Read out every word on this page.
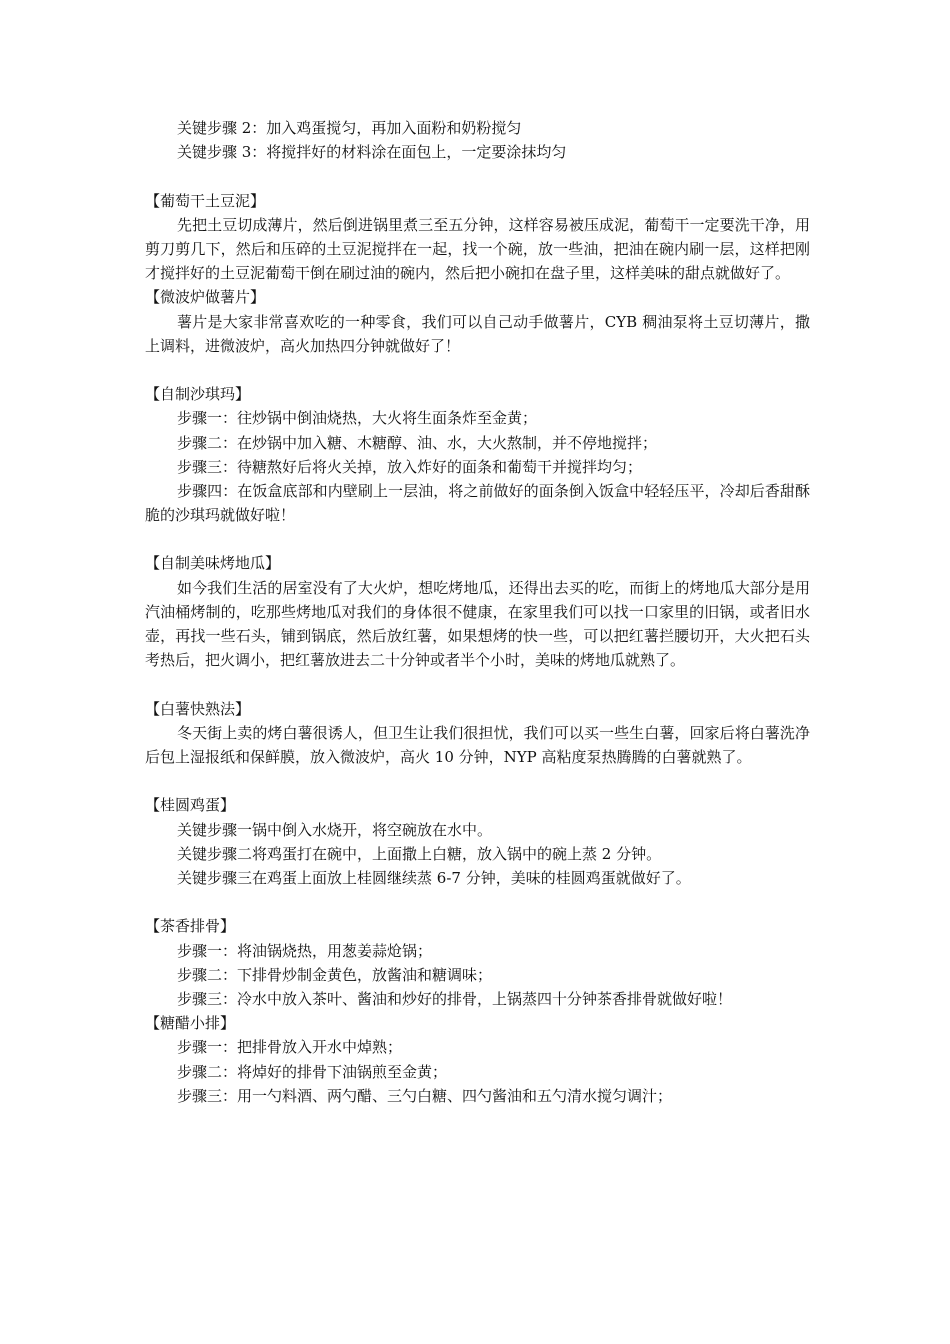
关键步骤 2：加入鸡蛋搅匀，再加入面粉和奶粉搅匀
关键步骤 3：将搅拌好的材料涂在面包上，一定要涂抹均匀
【葡萄干土豆泥】
先把土豆切成薄片，然后倒进锅里煮三至五分钟，这样容易被压成泥，葡萄干一定要洗干净，用剪刀剪几下，然后和压碎的土豆泥搅拌在一起，找一个碗，放一些油，把油在碗内刷一层，这样把刚才搅拌好的土豆泥葡萄干倒在刷过油的碗内，然后把小碗扣在盘子里，这样美味的甜点就做好了。
【微波炉做薯片】
薯片是大家非常喜欢吃的一种零食，我们可以自己动手做薯片，CYB 稠油泵将土豆切薄片，撒上调料，进微波炉，高火加热四分钟就做好了！
【自制沙琪玛】
步骤一：往炒锅中倒油烧热，大火将生面条炸至金黄；
步骤二：在炒锅中加入糖、木糖醇、油、水，大火熬制，并不停地搅拌；
步骤三：待糖熬好后将火关掉，放入炸好的面条和葡萄干并搅拌均匀；
步骤四：在饭盒底部和内壁刷上一层油，将之前做好的面条倒入饭盒中轻轻压平，冷却后香甜酥脆的沙琪玛就做好啦！
【自制美味烤地瓜】
如今我们生活的居室没有了大火炉，想吃烤地瓜，还得出去买的吃，而街上的烤地瓜大部分是用汽油桶烤制的，吃那些烤地瓜对我们的身体很不健康，在家里我们可以找一口家里的旧锅，或者旧水壶，再找一些石头，铺到锅底，然后放红薯，如果想烤的快一些，可以把红薯拦腰切开，大火把石头考热后，把火调小，把红薯放进去二十分钟或者半个小时，美味的烤地瓜就熟了。
【白薯快熟法】
冬天街上卖的烤白薯很诱人，但卫生让我们很担忧，我们可以买一些生白薯，回家后将白薯洗净后包上湿报纸和保鲜膜，放入微波炉，高火 10 分钟，NYP 高粘度泵热腾腾的白薯就熟了。
【桂圆鸡蛋】
关键步骤一锅中倒入水烧开，将空碗放在水中。
关键步骤二将鸡蛋打在碗中，上面撒上白糖，放入锅中的碗上蒸 2 分钟。
关键步骤三在鸡蛋上面放上桂圆继续蒸 6-7 分钟，美味的桂圆鸡蛋就做好了。
【茶香排骨】
步骤一：将油锅烧热，用葱姜蒜炝锅；
步骤二：下排骨炒制金黄色，放酱油和糖调味；
步骤三：冷水中放入茶叶、酱油和炒好的排骨，上锅蒸四十分钟茶香排骨就做好啦！
【糖醋小排】
步骤一：把排骨放入开水中焯熟；
步骤二：将焯好的排骨下油锅煎至金黄；
步骤三：用一勺料酒、两勺醋、三勺白糖、四勺酱油和五勺清水搅匀调汁；
